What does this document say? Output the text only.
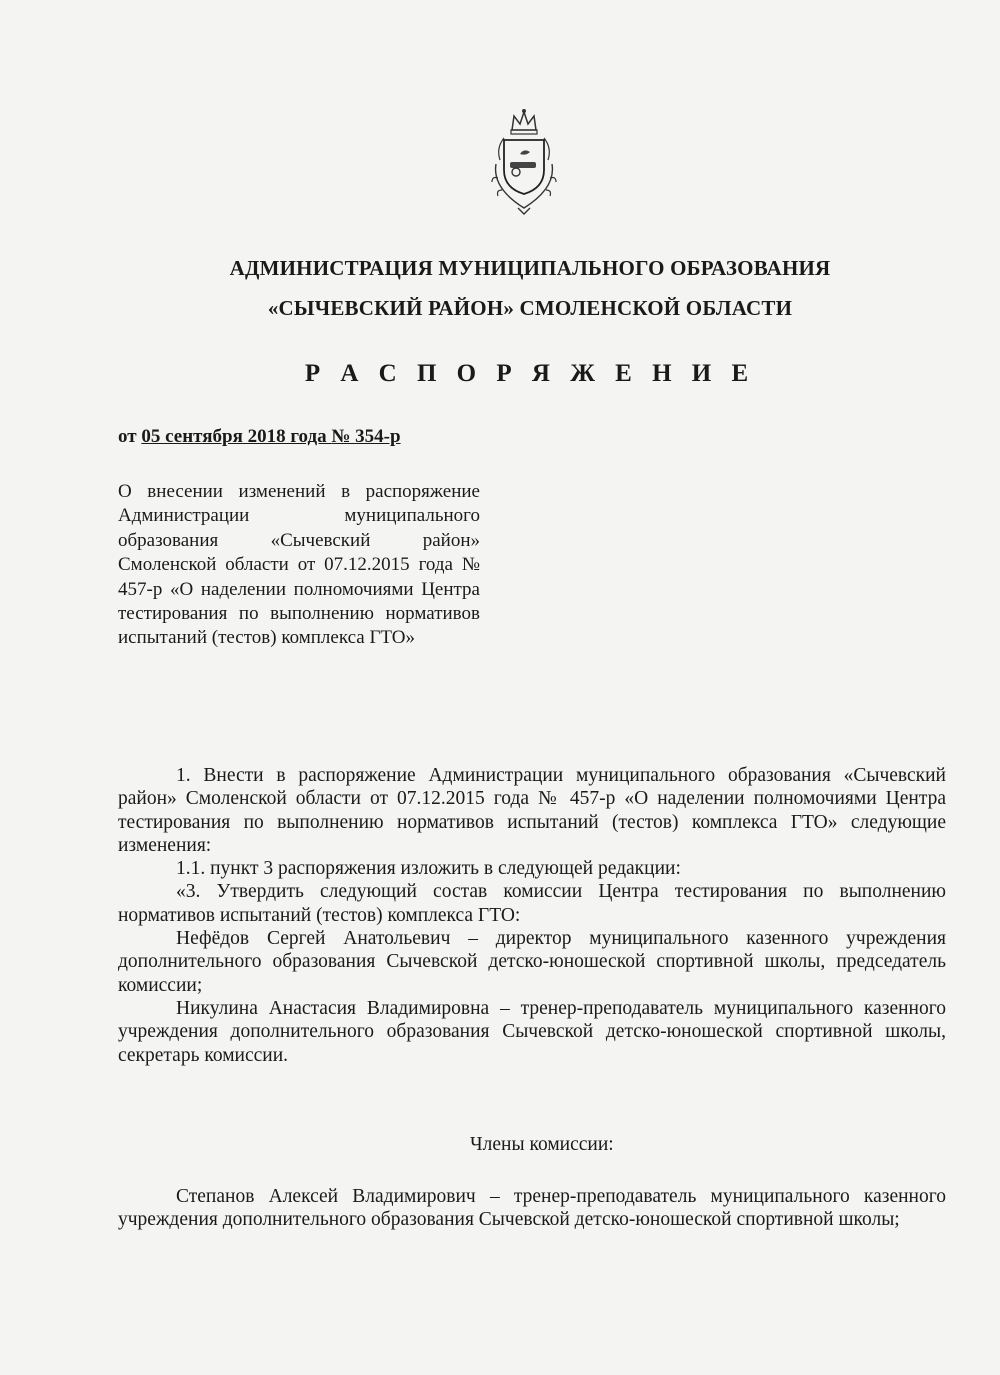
АДМИНИСТРАЦИЯ МУНИЦИПАЛЬНОГО ОБРАЗОВАНИЯ
«СЫЧЕВСКИЙ РАЙОН» СМОЛЕНСКОЙ ОБЛАСТИ
Р А С П О Р Я Ж Е Н И Е
от 05 сентября 2018 года № 354-р
О внесении изменений в распоряжение Администрации муниципального образования «Сычевский район» Смоленской области от 07.12.2015 года № 457-р «О наделении полномочиями Центра тестирования по выполнению нормативов испытаний (тестов) комплекса ГТО»

1. Внести в распоряжение Администрации муниципального образования «Сычевский район» Смоленской области от 07.12.2015 года № 457-р «О наделении полномочиями Центра тестирования по выполнению нормативов испытаний (тестов) комплекса ГТО» следующие изменения:

1.1. пункт 3 распоряжения изложить в следующей редакции:

«3. Утвердить следующий состав комиссии Центра тестирования по выполнению нормативов испытаний (тестов) комплекса ГТО:

Нефёдов Сергей Анатольевич – директор муниципального казенного учреждения дополнительного образования Сычевской детско-юношеской спортивной школы, председатель комиссии;

Никулина Анастасия Владимировна – тренер-преподаватель муниципального казенного учреждения дополнительного образования Сычевской детско-юношеской спортивной школы, секретарь комиссии.

Члены комиссии:

Степанов Алексей Владимирович – тренер-преподаватель муниципального казенного учреждения дополнительного образования Сычевской детско-юношеской спортивной школы;
